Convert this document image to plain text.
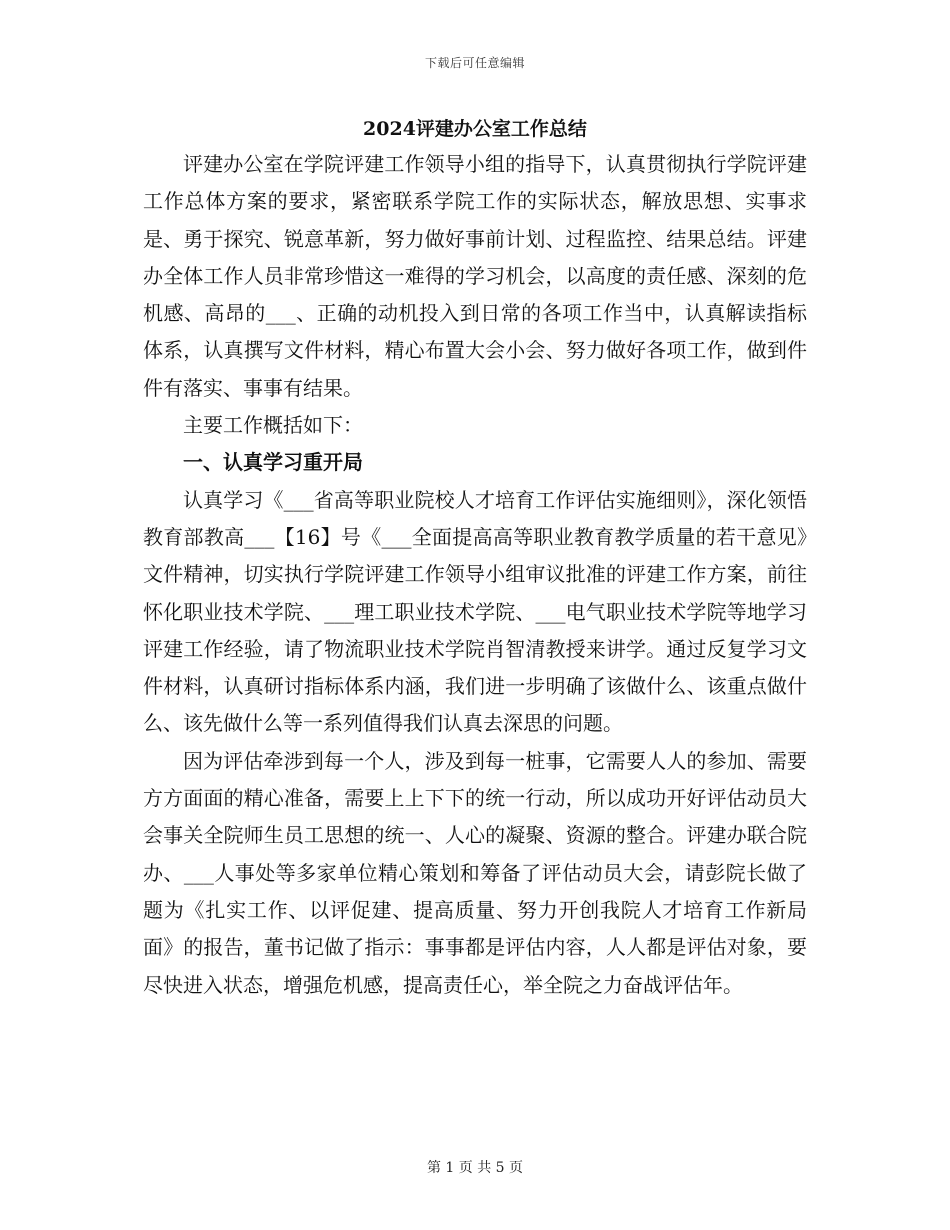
下载后可任意编辑
2024评建办公室工作总结

评建办公室在学院评建工作领导小组的指导下，认真贯彻执行学院评建工作总体方案的要求，紧密联系学院工作的实际状态，解放思想、实事求是、勇于探究、锐意革新，努力做好事前计划、过程监控、结果总结。评建办全体工作人员非常珍惜这一难得的学习机会，以高度的责任感、深刻的危机感、高昂的___、正确的动机投入到日常的各项工作当中，认真解读指标体系，认真撰写文件材料，精心布置大会小会、努力做好各项工作，做到件件有落实、事事有结果。

主要工作概括如下：

一、认真学习重开局

认真学习《___省高等职业院校人才培育工作评估实施细则》，深化领悟教育部教高___【16】号《___全面提高高等职业教育教学质量的若干意见》文件精神，切实执行学院评建工作领导小组审议批准的评建工作方案，前往怀化职业技术学院、___理工职业技术学院、___电气职业技术学院等地学习评建工作经验，请了物流职业技术学院肖智清教授来讲学。通过反复学习文件材料，认真研讨指标体系内涵，我们进一步明确了该做什么、该重点做什么、该先做什么等一系列值得我们认真去深思的问题。

因为评估牵涉到每一个人，涉及到每一桩事，它需要人人的参加、需要方方面面的精心准备，需要上上下下的统一行动，所以成功开好评估动员大会事关全院师生员工思想的统一、人心的凝聚、资源的整合。评建办联合院办、___人事处等多家单位精心策划和筹备了评估动员大会，请彭院长做了题为《扎实工作、以评促建、提高质量、努力开创我院人才培育工作新局面》的报告，董书记做了指示：事事都是评估内容，人人都是评估对象，要尽快进入状态，增强危机感，提高责任心，举全院之力奋战评估年。

第 1 页 共 5 页
